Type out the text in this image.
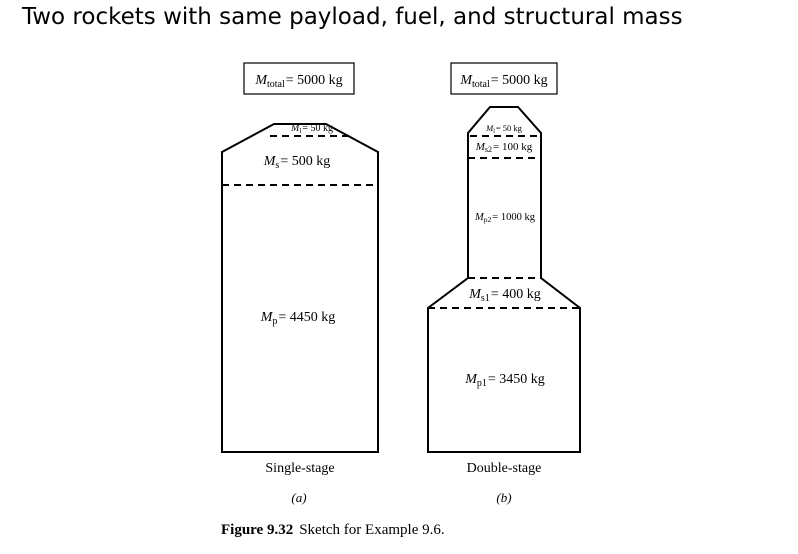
Two rockets with same payload, fuel, and structural mass
$M_{total}= 5000$ kg
$M_l= 50$ kg
$M_s= 500$ kg
$M_p= 4450$ kg
Single-stage
(a)
$M_{total}= 5000$ kg
$M_l= 50$ kg
Ms2= 100 kg
Mp2= 1000 kg
$M_{s1}= 400$ kg
$M_{p1}= 3450$ kg
Double-stage
(b)
Figure 9.32 Sketch for Example 9.6.
